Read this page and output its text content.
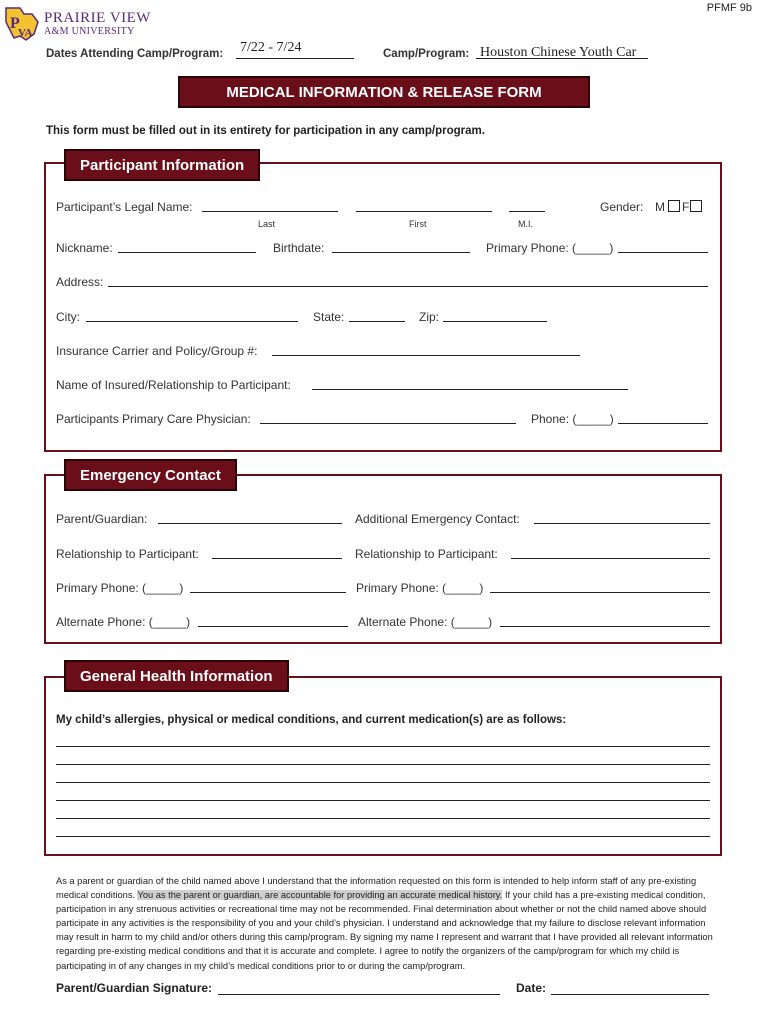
P
VA
PRAIRIE VIEW
A&M UNIVERSITY
PFMF 9b
Dates Attending Camp/Program: 7/22 - 7/24	Camp/Program: Houston Chinese Youth Car
MEDICAL INFORMATION & RELEASE FORM
This form must be filled out in its entirety for participation in any camp/program.
Participant Information
Participant’s Legal Name:
Last	First	M.I.
Gender: M F
Nickname:	Birthdate:	Primary Phone: (_____)
Address:
City:	State:	Zip:
Insurance Carrier and Policy/Group #:
Name of Insured/Relationship to Participant:
Participants Primary Care Physician:	Phone: (_____)
Emergency Contact
Parent/Guardian:	Additional Emergency Contact:
Relationship to Participant:	Relationship to Participant:
Primary Phone: (_____)	Primary Phone: (_____)
Alternate Phone: (_____)	Alternate Phone: (_____)
General Health Information
My child’s allergies, physical or medical conditions, and current medication(s) are as follows:
As a parent or guardian of the child named above I understand that the information requested on this form is intended to help inform staff of any pre-existing medical conditions. You as the parent or guardian, are accountable for providing an accurate medical history. If your child has a pre-existing medical condition, participation in any strenuous activities or recreational time may not be recommended. Final determination about whether or not the child named above should participate in any activities is the responsibility of you and your child’s physician. I understand and acknowledge that my failure to disclose relevant information may result in harm to my child and/or others during this camp/program. By signing my name I represent and warrant that I have provided all relevant information regarding pre-existing medical conditions and that it is accurate and complete. I agree to notify the organizers of the camp/program for which my child is participating in of any changes in my child’s medical conditions prior to or during the camp/program.
Parent/Guardian Signature:	Date:
